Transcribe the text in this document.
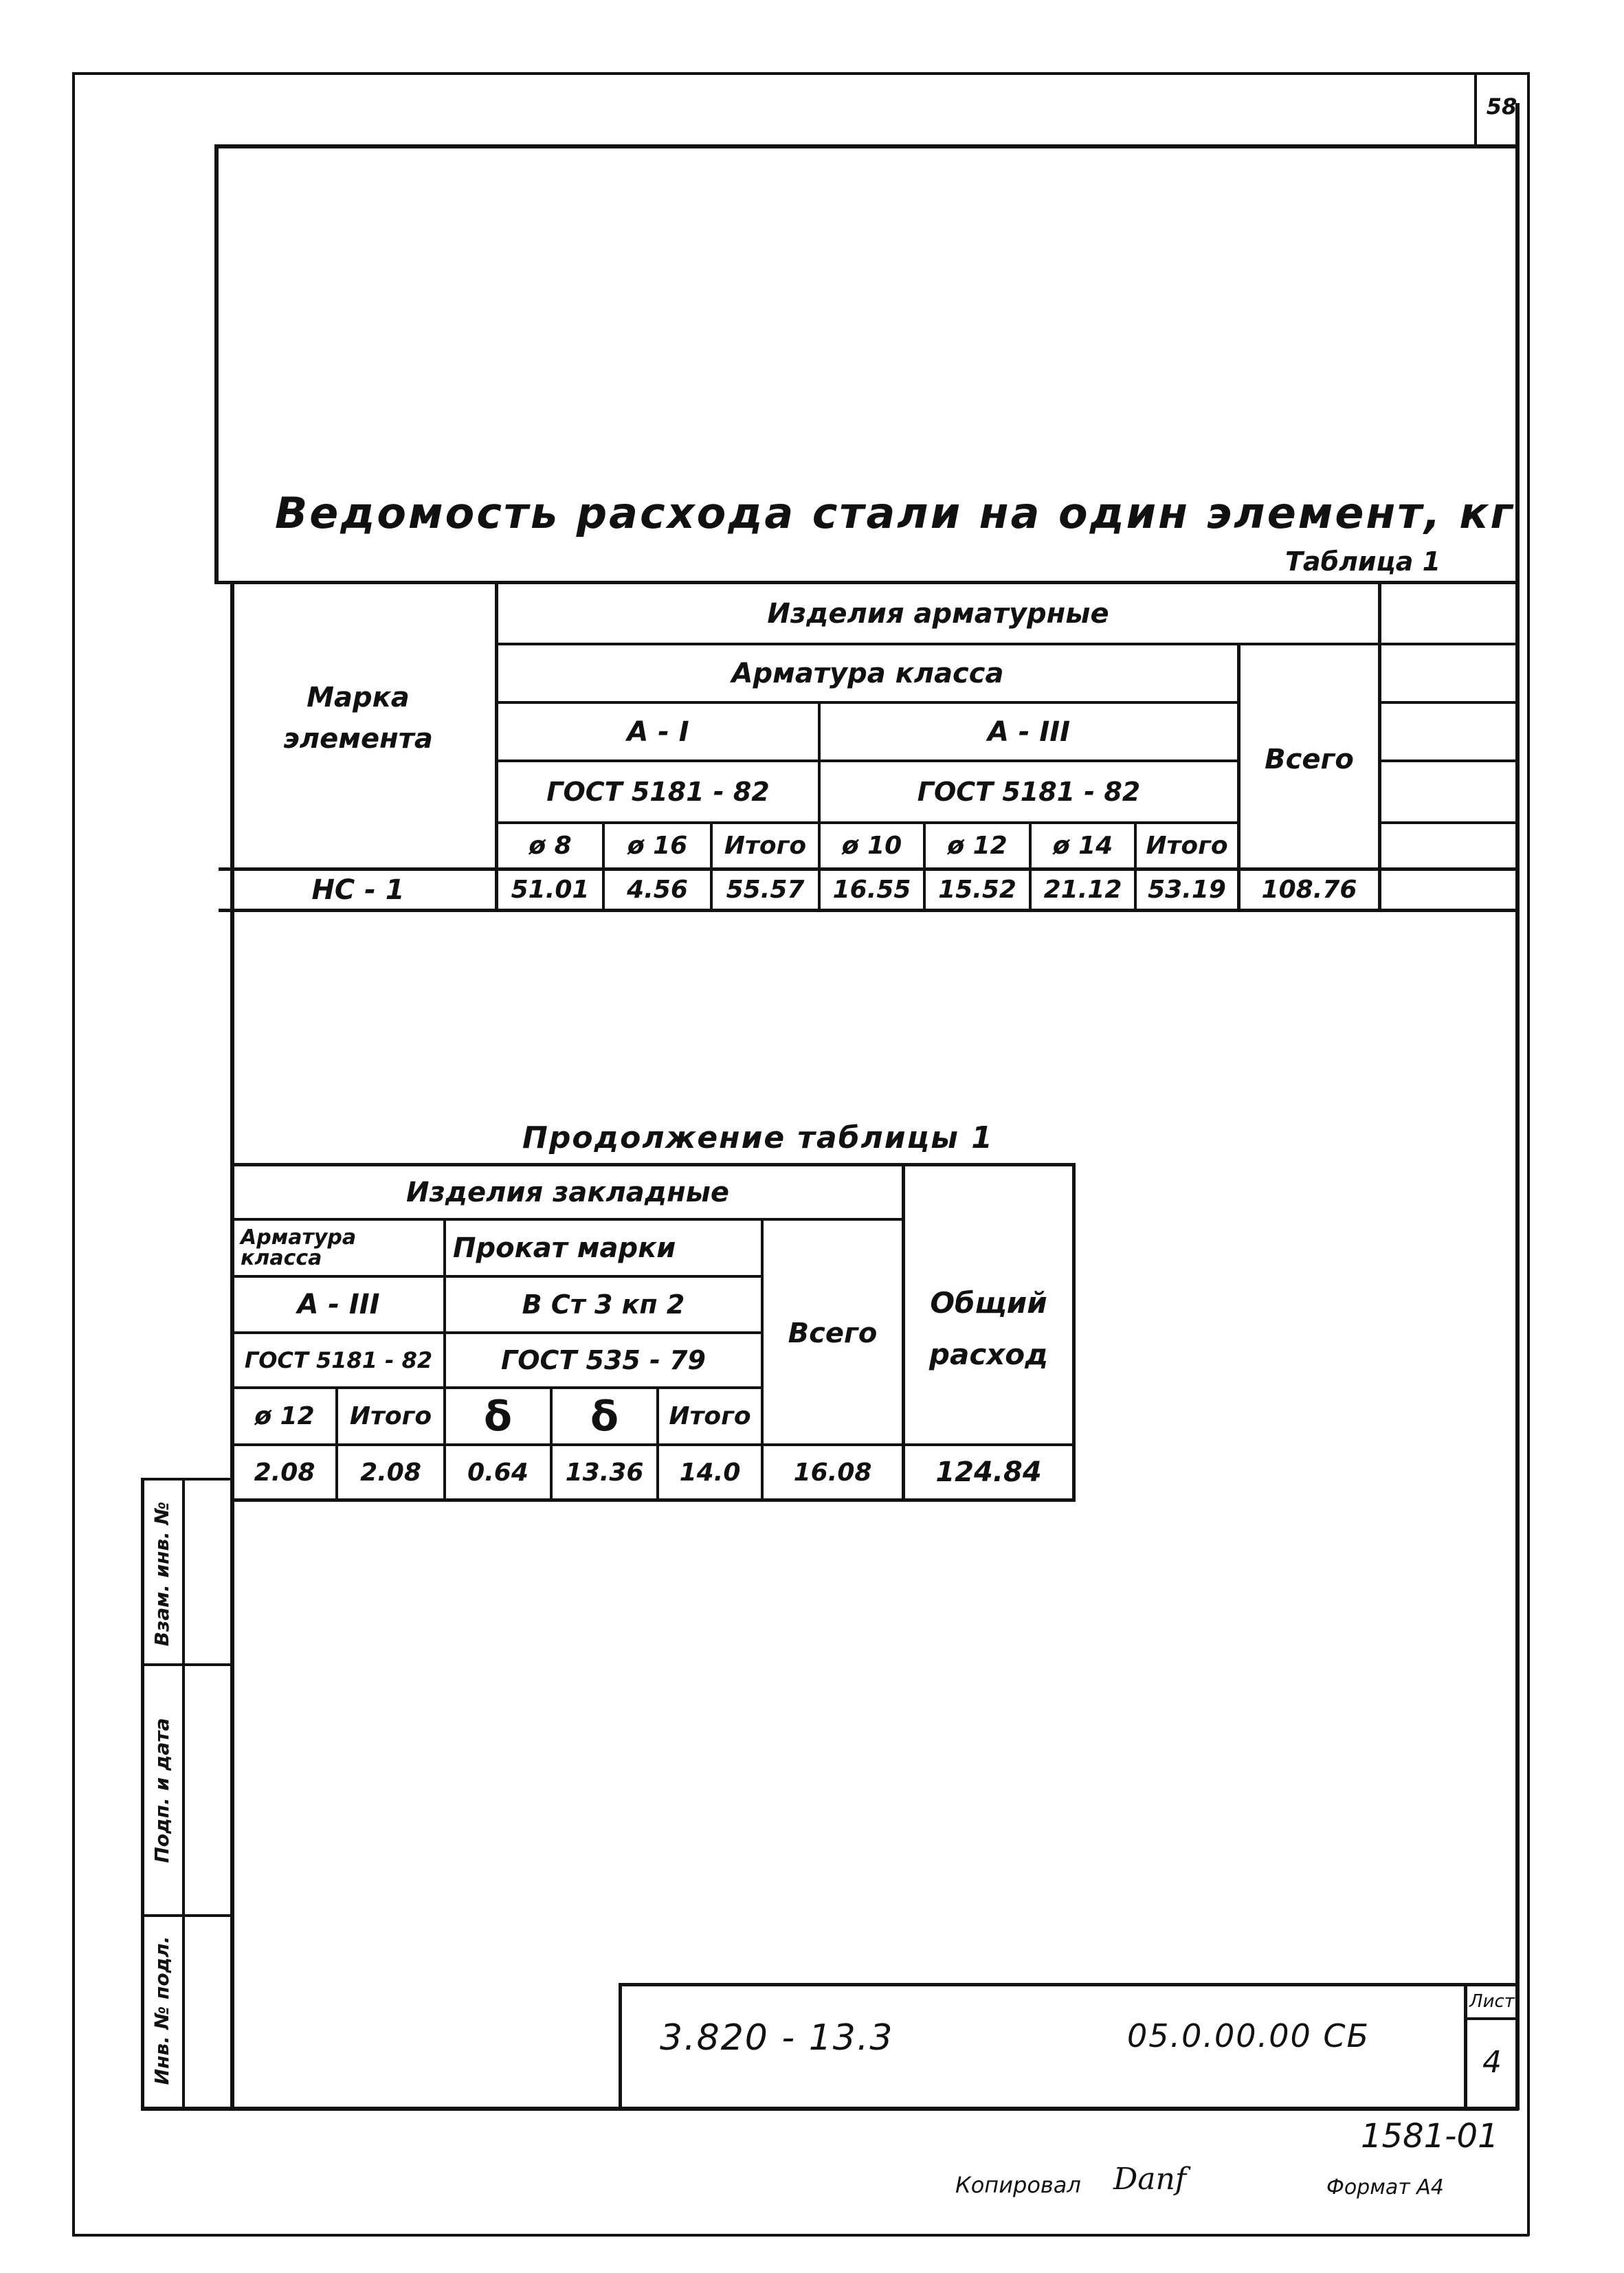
58
Ведомость расхода стали на один элемент, кг
Таблица 1
Марка
элемента
Изделия арматурные
Арматура класса
А - I	А - III
ГОСТ 5181 - 82	ГОСТ 5181 - 82
Всего
ø 8	ø 16	Итого	ø 10	ø 12	ø 14	Итого
НС - 1	51.01	4.56	55.57	16.55	15.52	21.12	53.19	108.76
Продолжение таблицы 1
Изделия закладные
Арматура класса	Прокат марки
А - III	В Ст 3 кп 2
ГОСТ 5181 - 82	ГОСТ 535 - 79
Всего
Общий
расход
ø 12	Итого	δ	δ	Итого
2.08	2.08	0.64	13.36	14.0	16.08	124.84
Взам. инв. №
Подп. и дата
Инв. № подл.	3.820 - 13.3	05.0.00.00 СБ
Лист
4
1581-01
Копировал Danf	Формат А4
